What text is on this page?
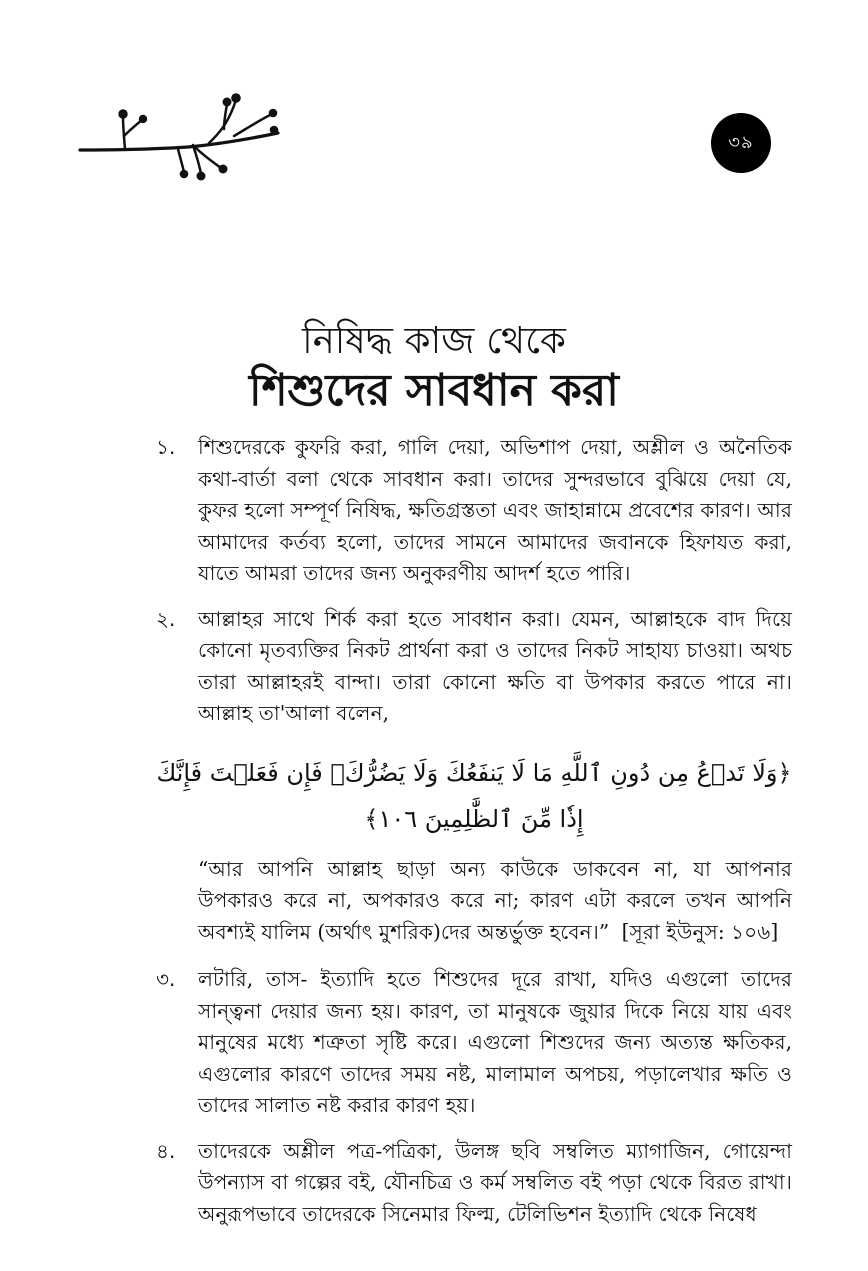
৩৯
নিষিদ্ধ কাজ থেকে
শিশুদের সাবধান করা
১.	শিশুদেরকে কুফরি করা, গালি দেয়া, অভিশাপ দেয়া, অশ্লীল ও অনৈতিক কথা-বার্তা বলা থেকে সাবধান করা। তাদের সুন্দরভাবে বুঝিয়ে দেয়া যে, কুফর হলো সম্পূর্ণ নিষিদ্ধ, ক্ষতিগ্রস্ততা এবং জাহান্নামে প্রবেশের কারণ। আর আমাদের কর্তব্য হলো, তাদের সামনে আমাদের জবানকে হিফাযত করা, যাতে আমরা তাদের জন্য অনুকরণীয় আদর্শ হতে পারি।
২.	আল্লাহর সাথে শির্ক করা হতে সাবধান করা। যেমন, আল্লাহকে বাদ দিয়ে কোনো মৃতব্যক্তির নিকট প্রার্থনা করা ও তাদের নিকট সাহায্য চাওয়া। অথচ তারা আল্লাহরই বান্দা। তারা কোনো ক্ষতি বা উপকার করতে পারে না। আল্লাহ তা'আলা বলেন,
﴿وَلَا تَدۡعُ مِن دُونِ ٱللَّهِ مَا لَا يَنفَعُكَ وَلَا يَضُرُّكَۖ فَإِن فَعَلۡتَ فَإِنَّكَ إِذٗا مِّنَ ٱلظَّٰلِمِينَ ١٠٦﴾
“আর আপনি আল্লাহ ছাড়া অন্য কাউকে ডাকবেন না, যা আপনার উপকারও করে না, অপকারও করে না; কারণ এটা করলে তখন আপনি অবশ্যই যালিম (অর্থাৎ মুশরিক)দের অন্তর্ভুক্ত হবেন।” [সূরা ইউনুস: ১০৬]
৩.	লটারি, তাস- ইত্যাদি হতে শিশুদের দূরে রাখা, যদিও এগুলো তাদের সান্ত্বনা দেয়ার জন্য হয়। কারণ, তা মানুষকে জুয়ার দিকে নিয়ে যায় এবং মানুষের মধ্যে শত্রুতা সৃষ্টি করে। এগুলো শিশুদের জন্য অত্যন্ত ক্ষতিকর, এগুলোর কারণে তাদের সময় নষ্ট, মালামাল অপচয়, পড়ালেখার ক্ষতি ও তাদের সালাত নষ্ট করার কারণ হয়।
৪.	তাদেরকে অশ্লীল পত্র-পত্রিকা, উলঙ্গ ছবি সম্বলিত ম্যাগাজিন, গোয়েন্দা উপন্যাস বা গল্পের বই, যৌনচিত্র ও কর্ম সম্বলিত বই পড়া থেকে বিরত রাখা। অনুরূপভাবে তাদেরকে সিনেমার ফিল্ম, টেলিভিশন ইত্যাদি থেকে নিষেধ
